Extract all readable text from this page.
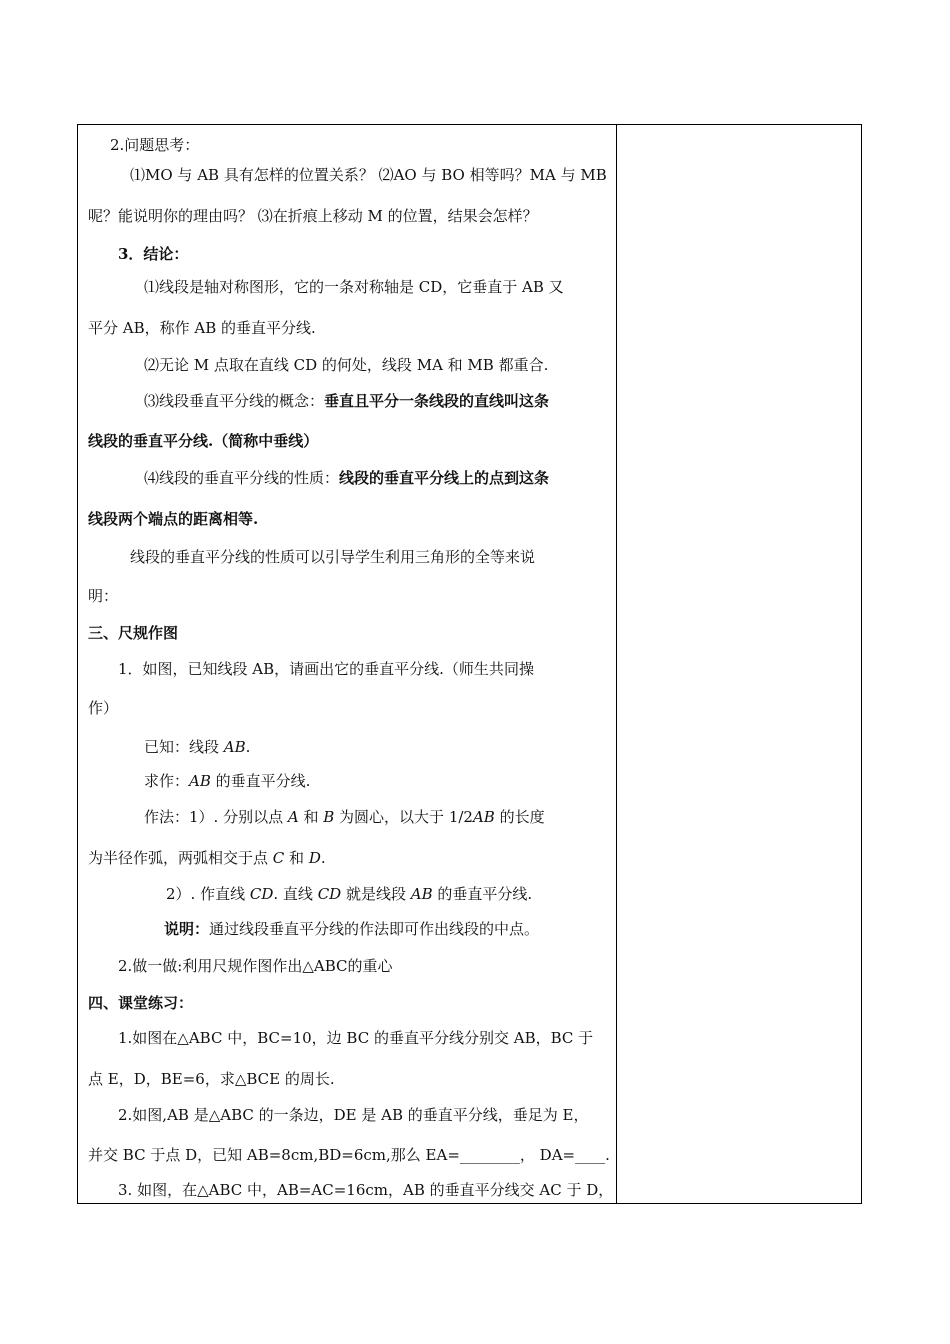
2.问题思考：
⑴MO 与 AB 具有怎样的位置关系？ ⑵AO 与 BO 相等吗？MA 与 MB
呢？能说明你的理由吗？ ⑶在折痕上移动 M 的位置，结果会怎样？
3．结论：
⑴线段是轴对称图形，它的一条对称轴是 CD，它垂直于 AB 又
平分 AB，称作 AB 的垂直平分线.
⑵无论 M 点取在直线 CD 的何处，线段 MA 和 MB 都重合.
⑶线段垂直平分线的概念：垂直且平分一条线段的直线叫这条
线段的垂直平分线.（简称中垂线）
⑷线段的垂直平分线的性质：线段的垂直平分线上的点到这条
线段两个端点的距离相等.
线段的垂直平分线的性质可以引导学生利用三角形的全等来说
明：
三、尺规作图
1．如图，已知线段 AB，请画出它的垂直平分线.（师生共同操
作）
已知：线段 AB.
求作：AB 的垂直平分线.
作法：1）. 分别以点 A 和 B 为圆心，以大于 1/2AB 的长度
为半径作弧，两弧相交于点 C 和 D.
2）. 作直线 CD. 直线 CD 就是线段 AB 的垂直平分线.
说明：通过线段垂直平分线的作法即可作出线段的中点。
2.做一做:利用尺规作图作出△ABC的重心
四、课堂练习：
1.如图在△ABC 中，BC=10，边 BC 的垂直平分线分别交 AB，BC 于
点 E，D，BE=6，求△BCE 的周长.
2.如图,AB 是△ABC 的一条边，DE 是 AB 的垂直平分线，垂足为 E，
并交 BC 于点 D，已知 AB=8cm,BD=6cm,那么 EA=________， DA=____.
3. 如图，在△ABC 中，AB=AC=16cm，AB 的垂直平分线交 AC 于 D，
